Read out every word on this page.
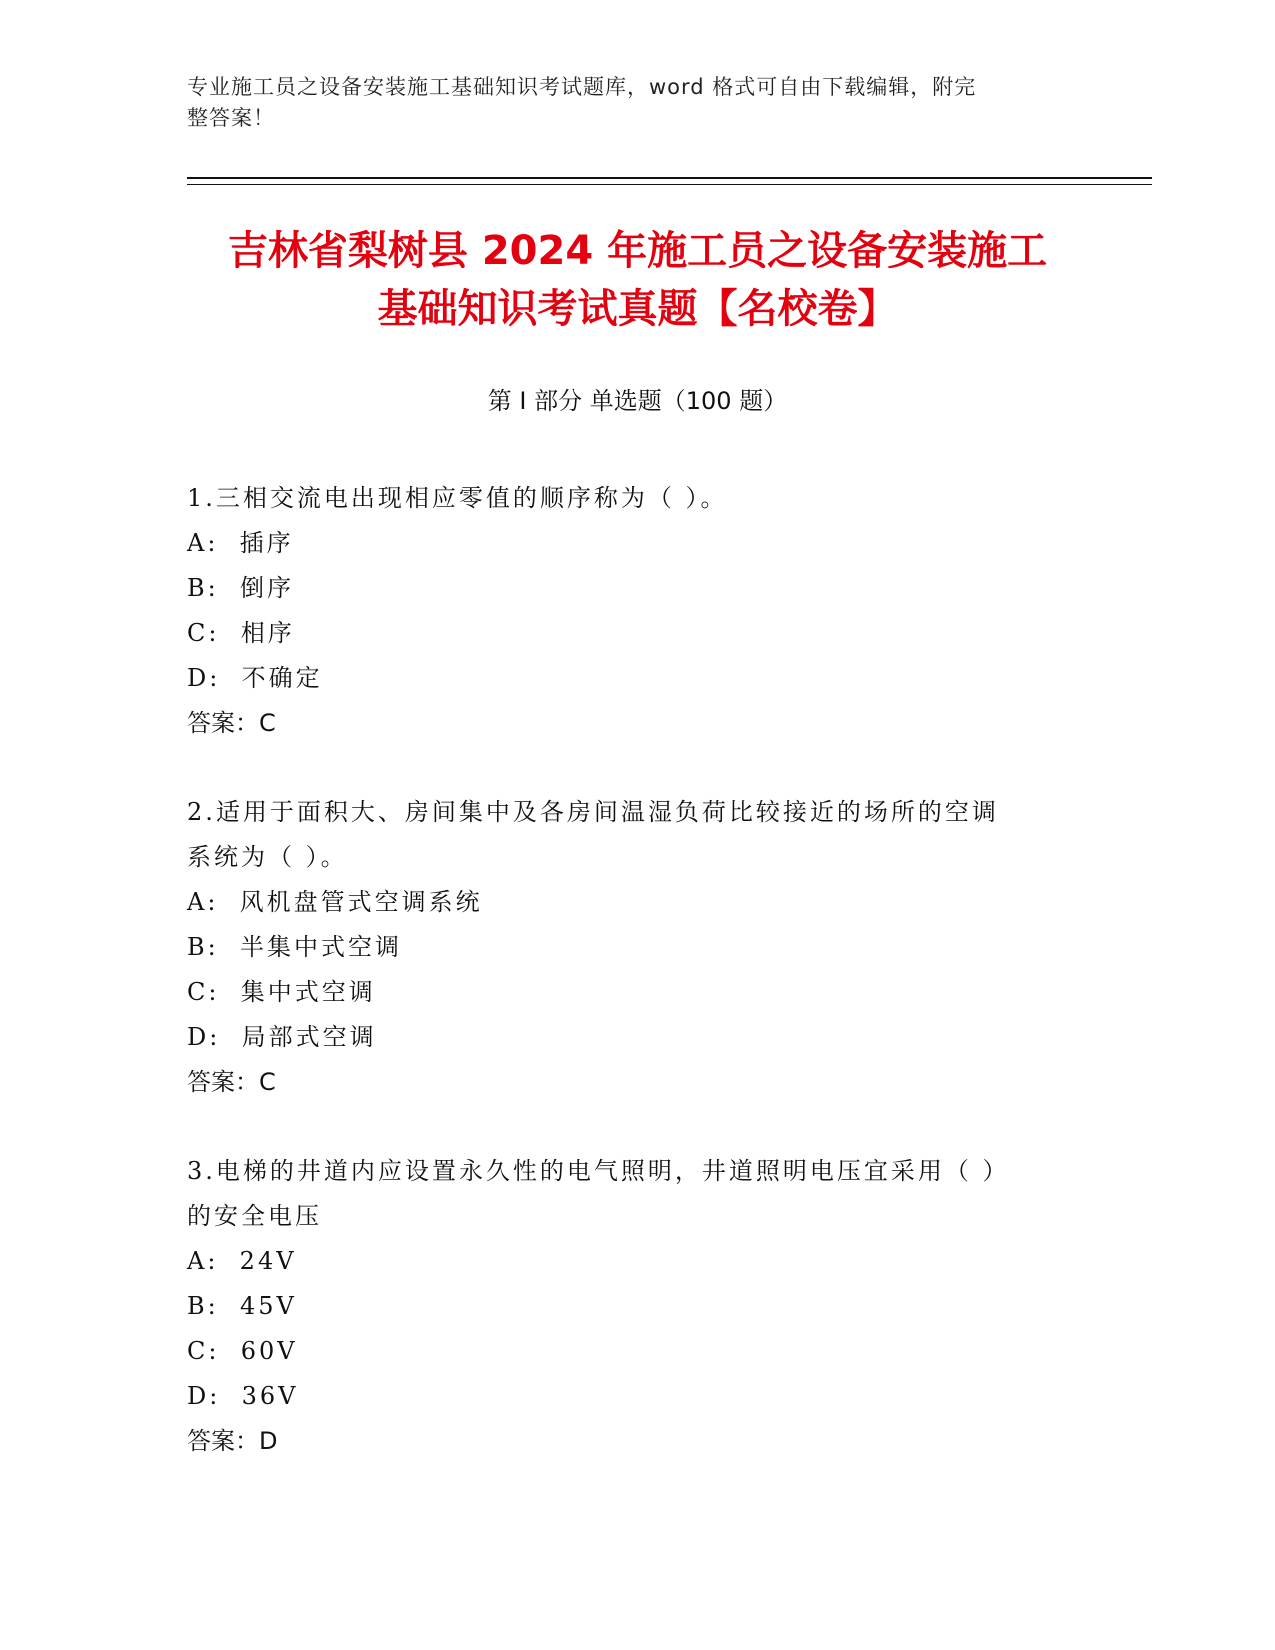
专业施工员之设备安装施工基础知识考试题库，word 格式可自由下载编辑，附完
整答案！
吉林省梨树县 2024 年施工员之设备安装施工
基础知识考试真题【名校卷】
第 I 部分 单选题（100 题）

1.三相交流电出现相应零值的顺序称为（ ）。

A:  插序

B:  倒序

C:  相序

D:  不确定

答案：C

2.适用于面积大、房间集中及各房间温湿负荷比较接近的场所的空调

系统为（ ）。

A:  风机盘管式空调系统

B:  半集中式空调

C:  集中式空调

D:  局部式空调

答案：C

3.电梯的井道内应设置永久性的电气照明，井道照明电压宜采用（ ）

的安全电压

A:  24V

B:  45V

C:  60V

D:  36V

答案：D
